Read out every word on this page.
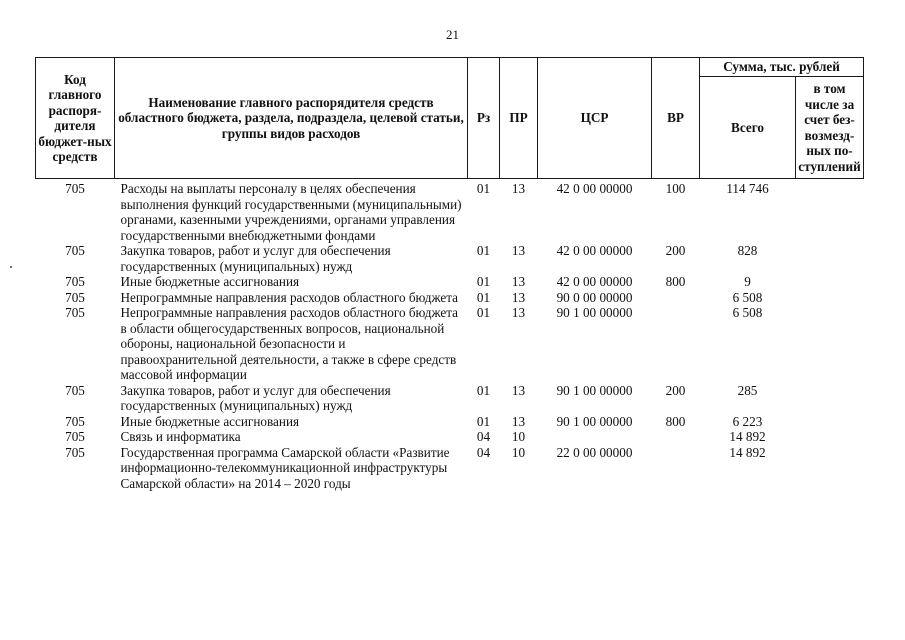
21
Код главного распоря-дителя бюджет-ных средств	Наименование главного распорядителя средств областного бюджета, раздела, подраздела, целевой статьи, группы видов расходов	Рз	ПР	ЦСР	ВР	Сумма, тыс. рублей	
						Всего	в том числе за счет без-возмезд-ных по-ступлений
705	Расходы на выплаты персоналу в целях обеспечения выполнения функций государственными (муниципальными) органами, казенными учреждениями, органами управления государственными внебюджетными фондами	01	13	42 0 00 00000	100	114 746	
705	Закупка товаров, работ и услуг для обеспечения государственных (муниципальных) нужд	01	13	42 0 00 00000	200	828	
705	Иные бюджетные ассигнования	01	13	42 0 00 00000	800	9	
705	Непрограммные направления расходов областного бюджета	01	13	90 0 00 00000		6 508	
705	Непрограммные направления расходов областного бюджета в области общегосударственных вопросов, национальной обороны, национальной безопасности и правоохранительной деятельности, а также в сфере средств массовой информации	01	13	90 1 00 00000		6 508	
705	Закупка товаров, работ и услуг для обеспечения государственных (муниципальных) нужд	01	13	90 1 00 00000	200	285	
705	Иные бюджетные ассигнования	01	13	90 1 00 00000	800	6 223	
705	Связь и информатика	04	10			14 892	
705	Государственная программа Самарской области «Развитие информационно-телекоммуникационной инфраструктуры Самарской области» на 2014 – 2020 годы	04	10	22 0 00 00000		14 892	
